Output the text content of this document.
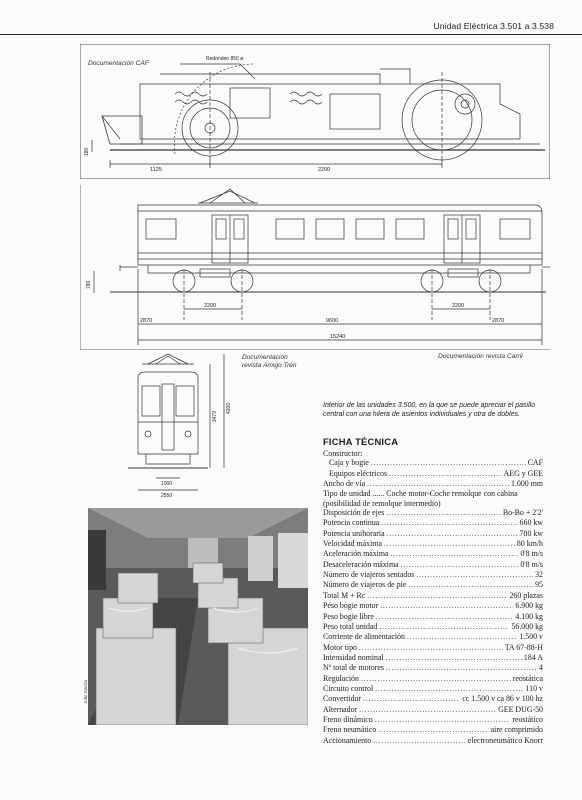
Unidad Eléctrica 3.501 a 3.538
Documentación CAF
Redondeo 850 ø
180
1125	2200
780
2200	2200
2870	9600	2870
15240
3470
4200
1000
2550
Documentación
revista Amigo Tren
Documentación revista Carril
Interior de las unidades 3.500, en la que se puede apreciar el pasillo central con una hilera de asientos individuales y otra de dobles.
Julio García
FICHA TÉCNICA
Constructor:
Caja y bogie .....	CAF
Equipos eléctricos .....	AEG y GEE
Ancho de vía .....	1.000 mm
Tipo de unidad ...... Coche motor-Coche remolque con cabina (posibilidad de remolque intermedio)
Disposición de ejes .....	Bo-Bo + 2'2'
Potencia continua .....	660 kw
Potencia unihoraria .....	780 kw
Velocidad máxima .....	80 km/h
Aceleración máxima .....	0'8 m/s
Desaceleración máxima .....	0'8 m/s
Número de viajeros sentados .....	32
Número de viajeros de pie .....	95
Total M + Rc .....	260 plazas
Peso bogie motor .....	6.900 kg
Peso bogie libre .....	4.100 kg
Peso total unidad .....	56.000 kg
Corriente de alimentación .....	1.500 v
Motor tipo .....	TA 67-88-H
Intensidad nominal .....	184 A
Nº total de motores .....	4
Regulación .....	reostática
Circuito control .....	110 v
Convertidor .....	cc 1.500 v ca 86 v 100 hz
Alternador .....	GEE DUG-50
Freno dinámico .....	reostático
Freno neumático .....	aire comprimido
Accionamiento .....	electroneumático Knorr
